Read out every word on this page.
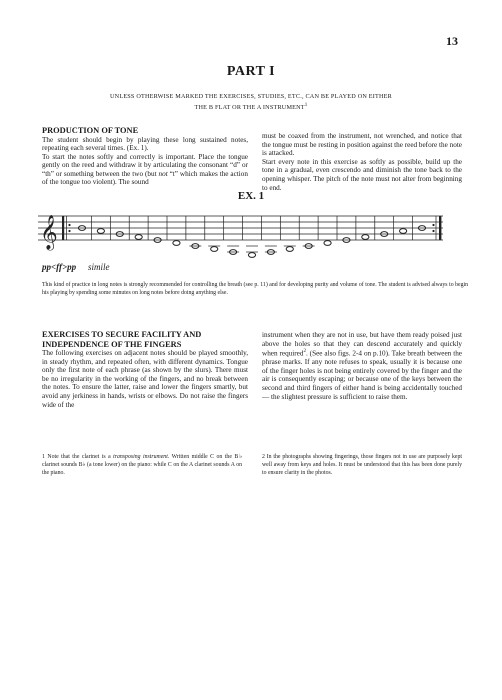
13
PART I
UNLESS OTHERWISE MARKED THE EXERCISES, STUDIES, ETC., CAN BE PLAYED ON EITHER
THE B FLAT OR THE A INSTRUMENT$^1$

PRODUCTION OF TONE

The student should begin by playing these long sustained notes, repeating each several times. (Ex. 1).

To start the notes softly and correctly is important. Place the tongue gently on the reed and withdraw it by articulating the consonant “d” or “th” or something between the two (but not “t” which makes the action of the tongue too violent). The sound

must be coaxed from the instrument, not wrenched, and notice that the tongue must be resting in position against the reed before the note is attacked.

Start every note in this exercise as softly as possible, build up the tone in a gradual, even crescendo and diminish the tone back to the opening whisper. The pitch of the note must not alter from beginning to end.

EX. 1
𝄞
pp<ff>pp simile
This kind of practice in long notes is strongly recommended for controlling the breath (see p. 11) and for developing purity and volume of tone. The student is advised always to begin his playing by spending some minutes on long notes before doing anything else.

EXERCISES TO SECURE FACILITY AND

INDEPENDENCE OF THE FINGERS

The following exercises on adjacent notes should be played smoothly, in steady rhythm, and repeated often, with different dynamics. Tongue only the first note of each phrase (as shown by the slurs). There must be no irregularity in the working of the fingers, and no break between the notes. To ensure the latter, raise and lower the fingers smartly, but avoid any jerkiness in hands, wrists or elbows. Do not raise the fingers wide of the

instrument when they are not in use, but have them ready poised just above the holes so that they can descend accurately and quickly when required$^2$. (See also figs. 2-4 on p.10). Take breath between the phrase marks. If any note refuses to speak, usually it is because one of the finger holes is not being entirely covered by the finger and the air is consequently escaping; or because one of the keys between the second and third fingers of either hand is being accidentally touched — the slightest pressure is sufficient to raise them.

1 Note that the clarinet is a transposing instrument. Written middle C on the B♭ clarinet sounds B♭ (a tone lower) on the piano: while C on the A clarinet sounds A on the piano.
2 In the photographs showing fingerings, those fingers not in use are purposely kept well away from keys and holes. It must be understood that this has been done purely to ensure clarity in the photos.
